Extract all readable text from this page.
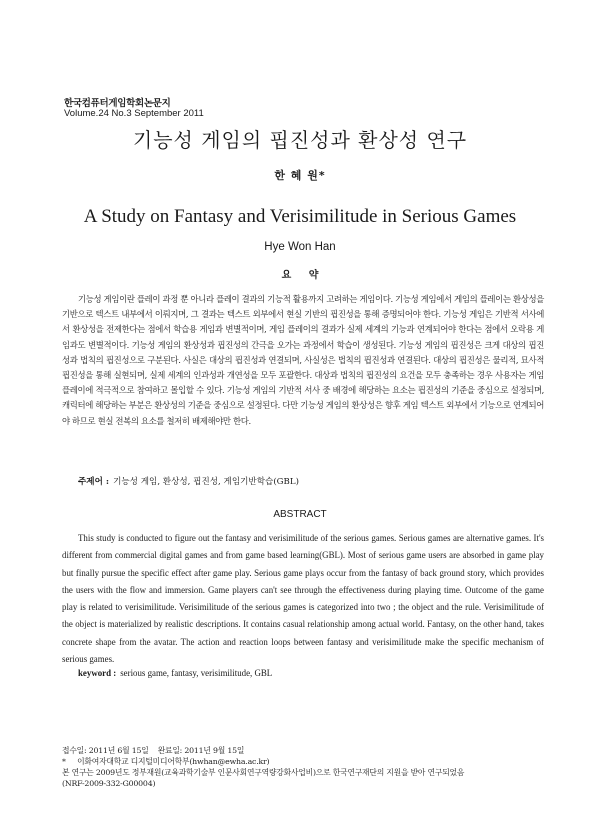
한국컴퓨터게임학회논문지
Volume.24 No.3 September 2011
기능성 게임의 핍진성과 환상성 연구
한 혜 원*
A Study on Fantasy and Verisimilitude in Serious Games
Hye Won Han
요 약
기능성 게임이란 플레이 과정 뿐 아니라 플레이 결과의 기능적 활용까지 고려하는 게임이다. 기능성 게임에서 게임의 플레이는 환상성을 기반으로 텍스트 내부에서 이뤄지며, 그 결과는 텍스트 외부에서 현실 기반의 핍진성을 통해 증명되어야 한다. 기능성 게임은 기반적 서사에서 환상성을 전제한다는 점에서 학습용 게임과 변별적이며, 게임 플레이의 결과가 실제 세계의 기능과 연계되어야 한다는 점에서 오락용 게임과도 변별적이다. 기능성 게임의 환상성과 핍진성의 간극을 오가는 과정에서 학습이 생성된다. 기능성 게임의 핍진성은 크게 대상의 핍진성과 법칙의 핍진성으로 구분된다. 사실은 대상의 핍진성과 연결되며, 사실성은 법칙의 핍진성과 연결된다. 대상의 핍진성은 물리적, 묘사적 핍진성을 통해 실현되며, 실제 세계의 인과성과 개연성을 모두 포괄한다. 대상과 법칙의 핍진성의 요건을 모두 충족하는 경우 사용자는 게임 플레이에 적극적으로 참여하고 몰입할 수 있다. 기능성 게임의 기반적 서사 중 배경에 해당하는 요소는 핍진성의 기준을 중심으로 설정되며, 캐릭터에 해당하는 부분은 환상성의 기준을 중심으로 설정된다. 다만 기능성 게임의 환상성은 향후 게임 텍스트 외부에서 기능으로 연계되어야 하므로 현실 전복의 요소를 철저히 배제해야만 한다.
주제어 : 기능성 게임, 환상성, 핍진성, 게임기반학습(GBL)
ABSTRACT
This study is conducted to figure out the fantasy and verisimilitude of the serious games. Serious games are alternative games. It's different from commercial digital games and from game based learning(GBL). Most of serious game users are absorbed in game play but finally pursue the specific effect after game play. Serious game plays occur from the fantasy of back ground story, which provides the users with the flow and immersion. Game players can't see through the effectiveness during playing time. Outcome of the game play is related to verisimilitude. Verisimilitude of the serious games is categorized into two ; the object and the rule. Verisimilitude of the object is materialized by realistic descriptions. It contains casual relationship among actual world. Fantasy, on the other hand, takes concrete shape from the avatar. The action and reaction loops between fantasy and verisimilitude make the specific mechanism of serious games.
keyword : serious game, fantasy, verisimilitude, GBL

접수일: 2011년 6월 15일    완료일: 2011년 9월 15일

*     이화여자대학교 디지털미디어학부(hwhan@ewha.ac.kr)

본 연구는 2009년도 정부재원(교육과학기술부 인문사회연구역량강화사업비)으로 한국연구재단의 지원을 받아 연구되었음

(NRF-2009-332-G00004)
